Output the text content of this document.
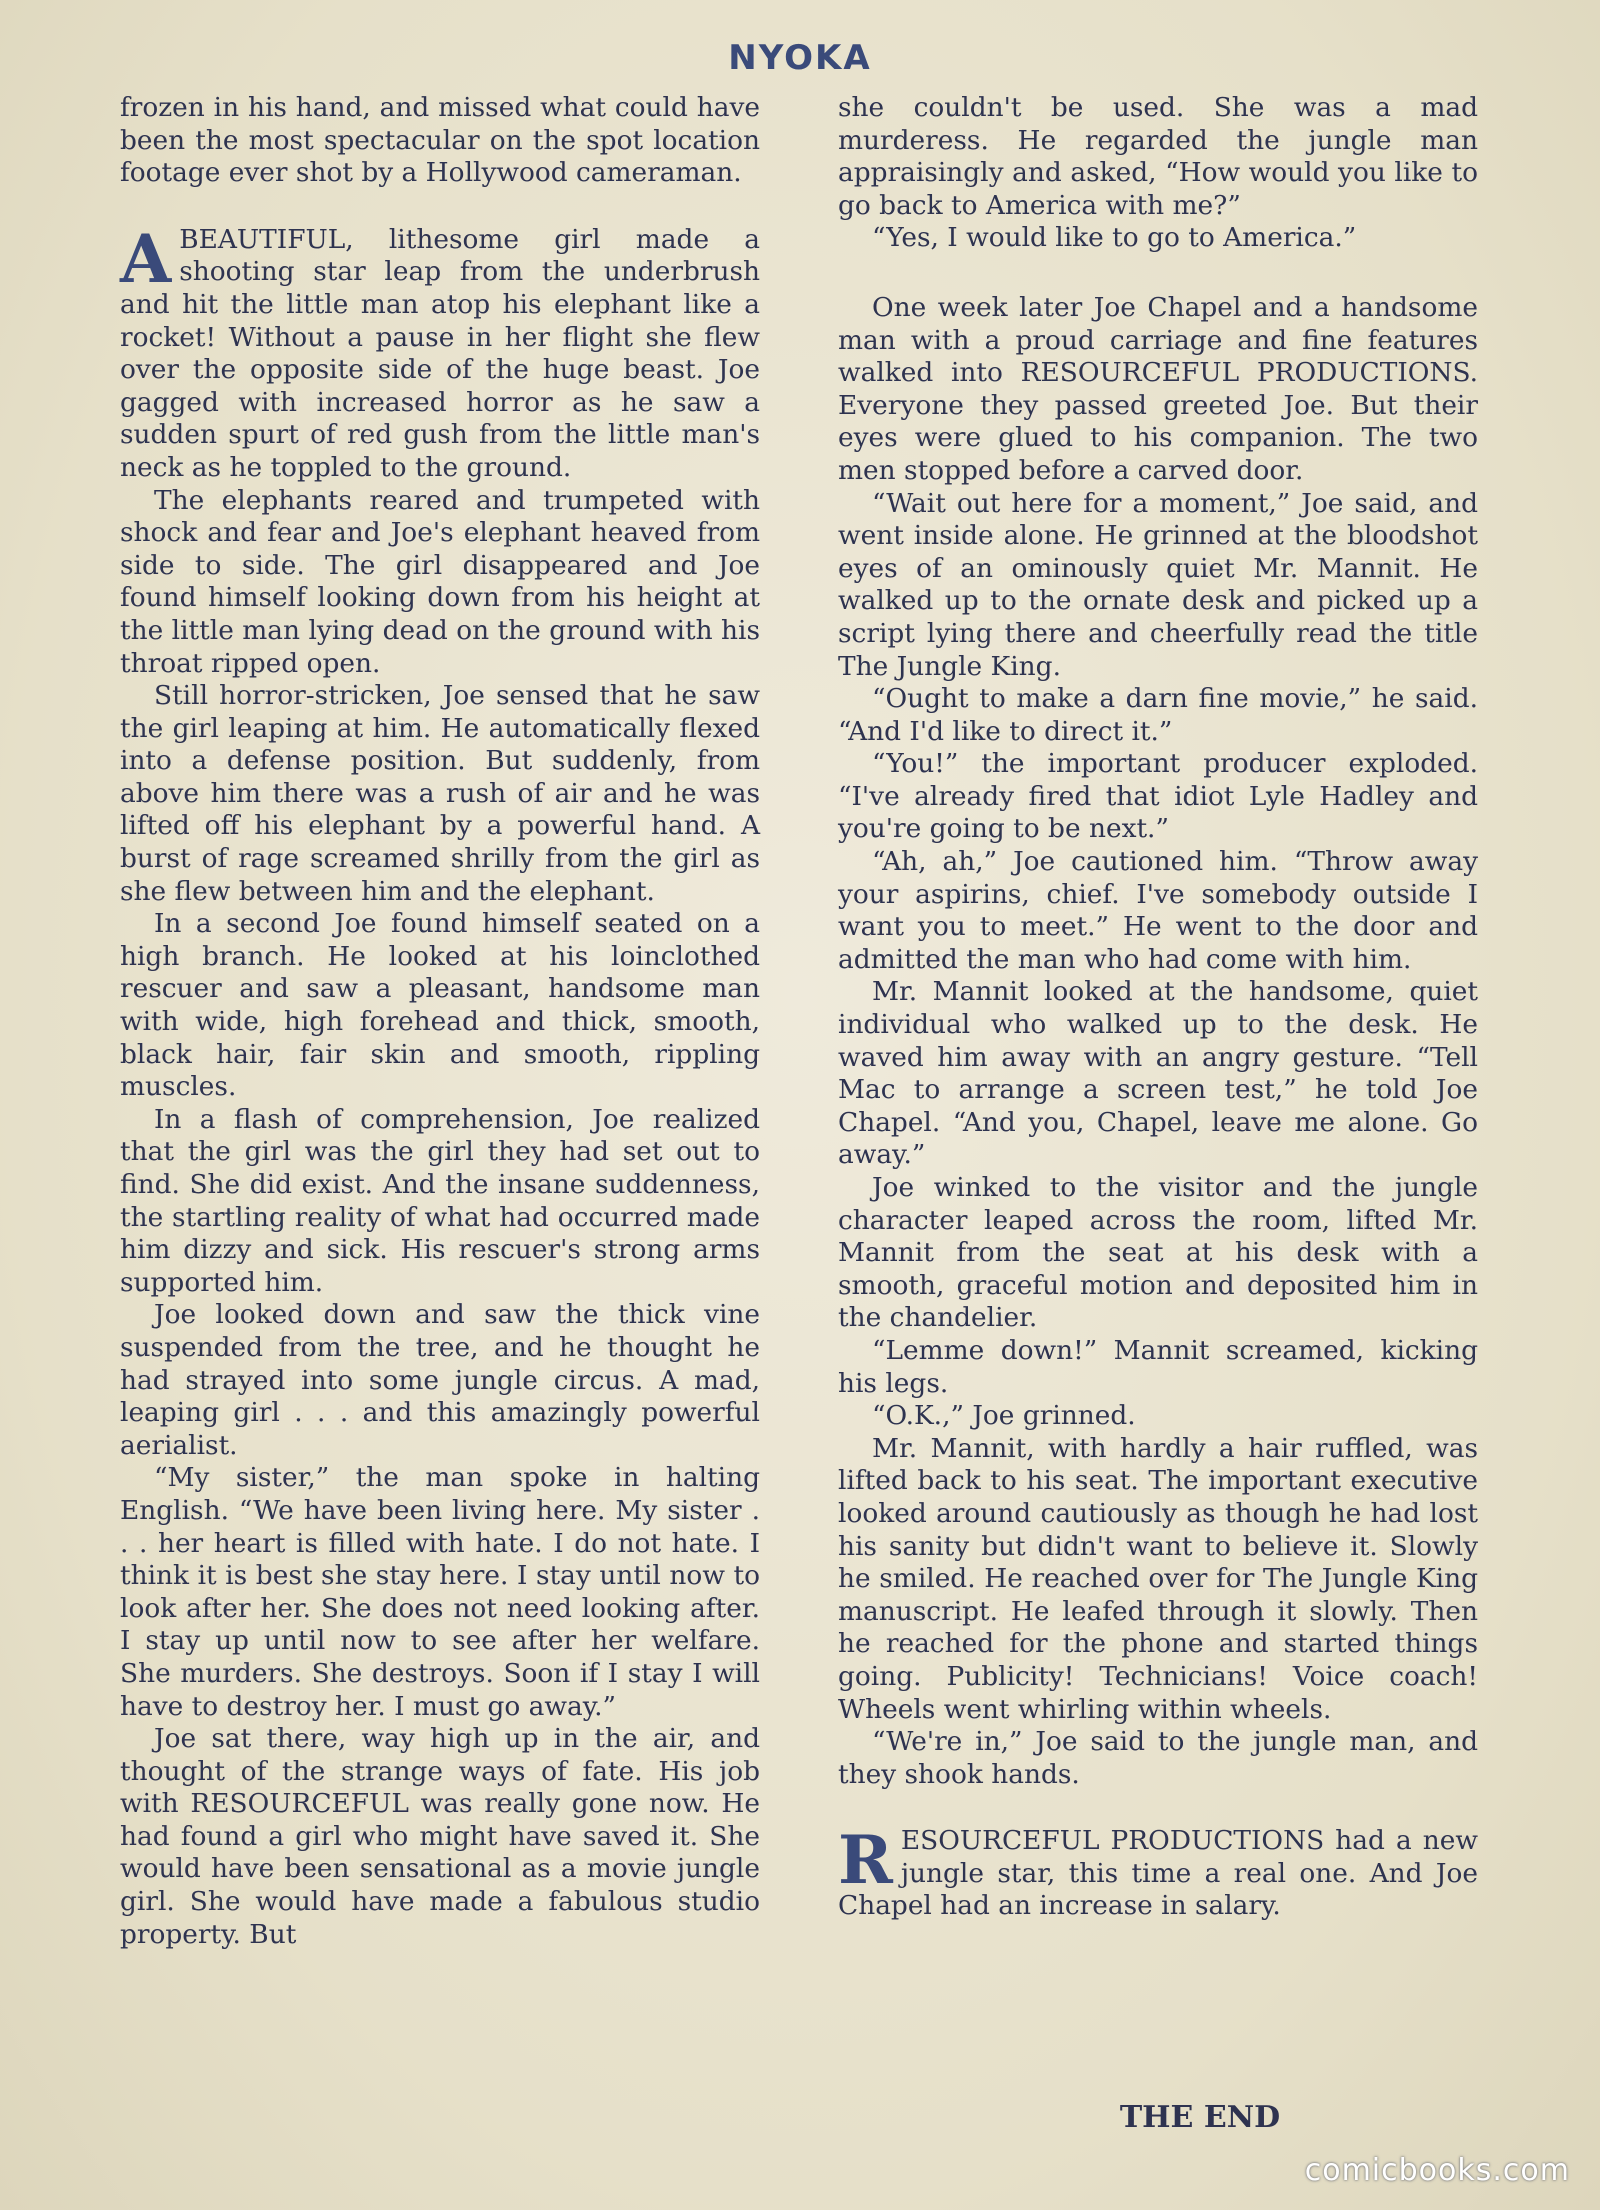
NYOKA

frozen in his hand, and missed what could have been the most spectacular on the spot location footage ever shot by a Hollywood cameraman.

ABEAUTIFUL, lithesome girl made a shooting star leap from the underbrush and hit the little man atop his elephant like a rocket! Without a pause in her flight she flew over the opposite side of the huge beast. Joe gagged with increased horror as he saw a sudden spurt of red gush from the little man's neck as he toppled to the ground.

The elephants reared and trumpeted with shock and fear and Joe's elephant heaved from side to side. The girl disappeared and Joe found himself looking down from his height at the little man lying dead on the ground with his throat ripped open.

Still horror-stricken, Joe sensed that he saw the girl leaping at him. He automatically flexed into a defense position. But suddenly, from above him there was a rush of air and he was lifted off his elephant by a powerful hand. A burst of rage screamed shrilly from the girl as she flew between him and the elephant.

In a second Joe found himself seated on a high branch. He looked at his loinclothed rescuer and saw a pleasant, handsome man with wide, high forehead and thick, smooth, black hair, fair skin and smooth, rippling muscles.

In a flash of comprehension, Joe realized that the girl was the girl they had set out to find. She did exist. And the insane suddenness, the startling reality of what had occurred made him dizzy and sick. His rescuer's strong arms supported him.

Joe looked down and saw the thick vine suspended from the tree, and he thought he had strayed into some jungle circus. A mad, leaping girl . . . and this amazingly powerful aerialist.

“My sister,” the man spoke in halting English. “We have been living here. My sister . . . her heart is filled with hate. I do not hate. I think it is best she stay here. I stay until now to look after her. She does not need looking after. I stay up until now to see after her welfare. She murders. She destroys. Soon if I stay I will have to destroy her. I must go away.”

Joe sat there, way high up in the air, and thought of the strange ways of fate. His job with RESOURCEFUL was really gone now. He had found a girl who might have saved it. She would have been sensational as a movie jungle girl. She would have made a fabulous studio property. But

she couldn't be used. She was a mad murderess. He regarded the jungle man appraisingly and asked, “How would you like to go back to America with me?”

“Yes, I would like to go to America.”

One week later Joe Chapel and a handsome man with a proud carriage and fine features walked into RESOURCEFUL PRODUCTIONS. Everyone they passed greeted Joe. But their eyes were glued to his companion. The two men stopped before a carved door.

“Wait out here for a moment,” Joe said, and went inside alone. He grinned at the bloodshot eyes of an ominously quiet Mr. Mannit. He walked up to the ornate desk and picked up a script lying there and cheerfully read the title The Jungle King.

“Ought to make a darn fine movie,” he said. “And I'd like to direct it.”

“You!” the important producer exploded. “I've already fired that idiot Lyle Hadley and you're going to be next.”

“Ah, ah,” Joe cautioned him. “Throw away your aspirins, chief. I've somebody outside I want you to meet.” He went to the door and admitted the man who had come with him.

Mr. Mannit looked at the handsome, quiet individual who walked up to the desk. He waved him away with an angry gesture. “Tell Mac to arrange a screen test,” he told Joe Chapel. “And you, Chapel, leave me alone. Go away.”

Joe winked to the visitor and the jungle character leaped across the room, lifted Mr. Mannit from the seat at his desk with a smooth, graceful motion and deposited him in the chandelier.

“Lemme down!” Mannit screamed, kicking his legs.

“O.K.,” Joe grinned.

Mr. Mannit, with hardly a hair ruffled, was lifted back to his seat. The important executive looked around cautiously as though he had lost his sanity but didn't want to believe it. Slowly he smiled. He reached over for The Jungle King manuscript. He leafed through it slowly. Then he reached for the phone and started things going. Publicity! Technicians! Voice coach! Wheels went whirling within wheels.

“We're in,” Joe said to the jungle man, and they shook hands.

RESOURCEFUL PRODUCTIONS had a new jungle star, this time a real one. And Joe Chapel had an increase in salary.

THE END
comicbooks.com
